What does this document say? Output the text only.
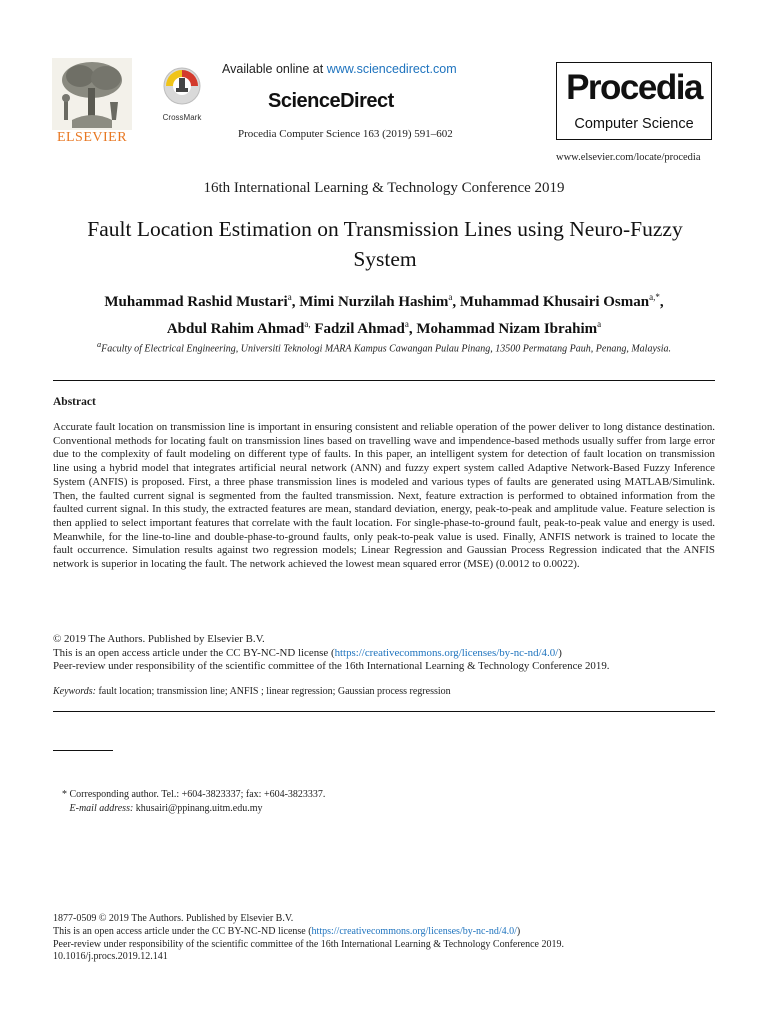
ELSEVIER
CrossMark
Available online at www.sciencedirect.com
ScienceDirect
Procedia Computer Science 163 (2019) 591–602
Procedia
Computer Science
www.elsevier.com/locate/procedia
16th International Learning & Technology Conference 2019
Fault Location Estimation on Transmission Lines using Neuro-Fuzzy System
Muhammad Rashid Mustari$^a$, Mimi Nurzilah Hashim$^a$, Muhammad Khusairi Osman$^{a,*}$,
Abdul Rahim Ahmad$^{a,}$ Fadzil Ahmad$^a$, Mohammad Nizam Ibrahim$^a$
$^a$Faculty of Electrical Engineering, Universiti Teknologi MARA Kampus Cawangan Pulau Pinang, 13500 Permatang Pauh, Penang, Malaysia.
Abstract
Accurate fault location on transmission line is important in ensuring consistent and reliable operation of the power deliver to long distance destination. Conventional methods for locating fault on transmission lines based on travelling wave and impendence-based methods usually suffer from large error due to the complexity of fault modeling on different type of faults. In this paper, an intelligent system for detection of fault location on transmission line using a hybrid model that integrates artificial neural network (ANN) and fuzzy expert system called Adaptive Network-Based Fuzzy Inference System (ANFIS) is proposed. First, a three phase transmission lines is modeled and various types of faults are generated using MATLAB/Simulink. Then, the faulted current signal is segmented from the faulted transmission. Next, feature extraction is performed to obtained information from the faulted current signal. In this study, the extracted features are mean, standard deviation, energy, peak-to-peak and amplitude value. Feature selection is then applied to select important features that correlate with the fault location. For single-phase-to-ground fault, peak-to-peak value and energy is used. Meanwhile, for the line-to-line and double-phase-to-ground faults, only peak-to-peak value is used. Finally, ANFIS network is trained to locate the fault occurrence. Simulation results against two regression models; Linear Regression and Gaussian Process Regression indicated that the ANFIS network is superior in locating the fault. The network achieved the lowest mean squared error (MSE) (0.0012 to 0.0022).
© 2019 The Authors. Published by Elsevier B.V.
This is an open access article under the CC BY-NC-ND license (https://creativecommons.org/licenses/by-nc-nd/4.0/)
Peer-review under responsibility of the scientific committee of the 16th International Learning & Technology Conference 2019.
Keywords: fault location; transmission line; ANFIS ; linear regression; Gaussian process regression
* Corresponding author. Tel.: +604-3823337; fax: +604-3823337.
E-mail address: khusairi@ppinang.uitm.edu.my
1877-0509 © 2019 The Authors. Published by Elsevier B.V.
This is an open access article under the CC BY-NC-ND license (https://creativecommons.org/licenses/by-nc-nd/4.0/)
Peer-review under responsibility of the scientific committee of the 16th International Learning & Technology Conference 2019.
10.1016/j.procs.2019.12.141
